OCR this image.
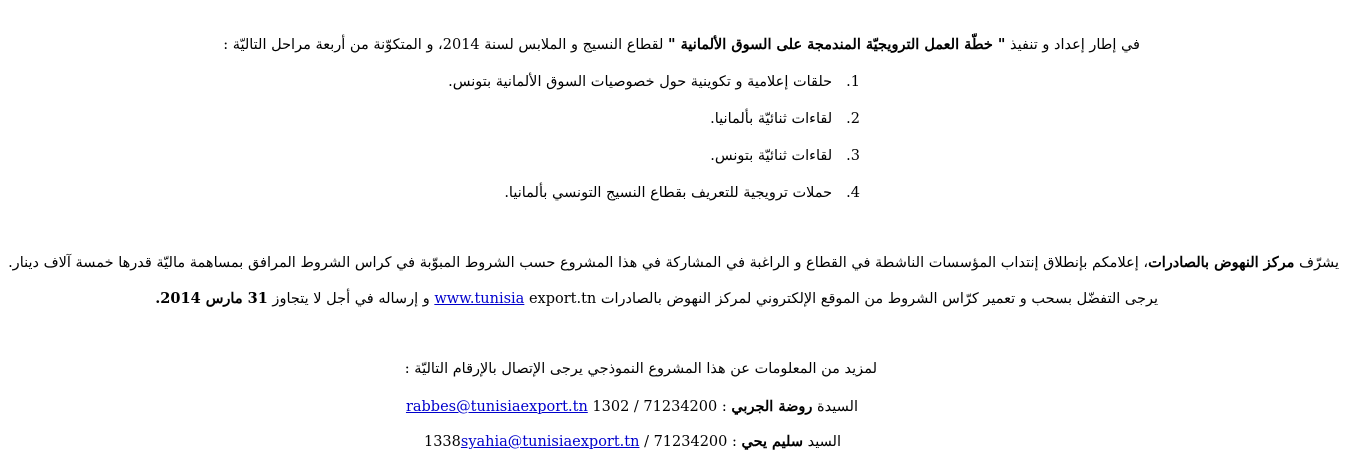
في إطار إعداد و تنفيذ " خطّة العمل الترويجيّة المندمجة على السوق الألمانية " لقطاع النسيج و الملابس لسنة 2014، و المتكوّنة من أربعة مراحل التاليّة :
1.حلقات إعلامية و تكوينية حول خصوصيات السوق الألمانية بتونس.
2.لقاءات ثنائيّة بألمانيا.
3.لقاءات ثنائيّة بتونس.
4.حملات ترويجية للتعريف بقطاع النسيج التونسي بألمانيا.
يشرّف مركز النهوض بالصادرات، إعلامكم بإنطلاق إنتداب المؤسسات الناشطة في القطاع و الراغبة في المشاركة في هذا المشروع حسب الشروط المبوّبة في كراس الشروط المرافق بمساهمة ماليّة قدرها خمسة آلاف دينار.
يرجى التفضّل بسحب و تعمير كرّاس الشروط من الموقع الإلكتروني لمركز النهوض بالصادرات www.tunisia export.tn و إرساله في أجل لا يتجاوز 31 مارس 2014.
لمزيد من المعلومات عن هذا المشروع النموذجي يرجى الإتصال بالإرقام التاليّة :
السيدة روضة الجربي : 71234200 / 1302 rabbes@tunisiaexport.tn
السيد سليم يحي : 71234200 / 1338syahia@tunisiaexport.tn
